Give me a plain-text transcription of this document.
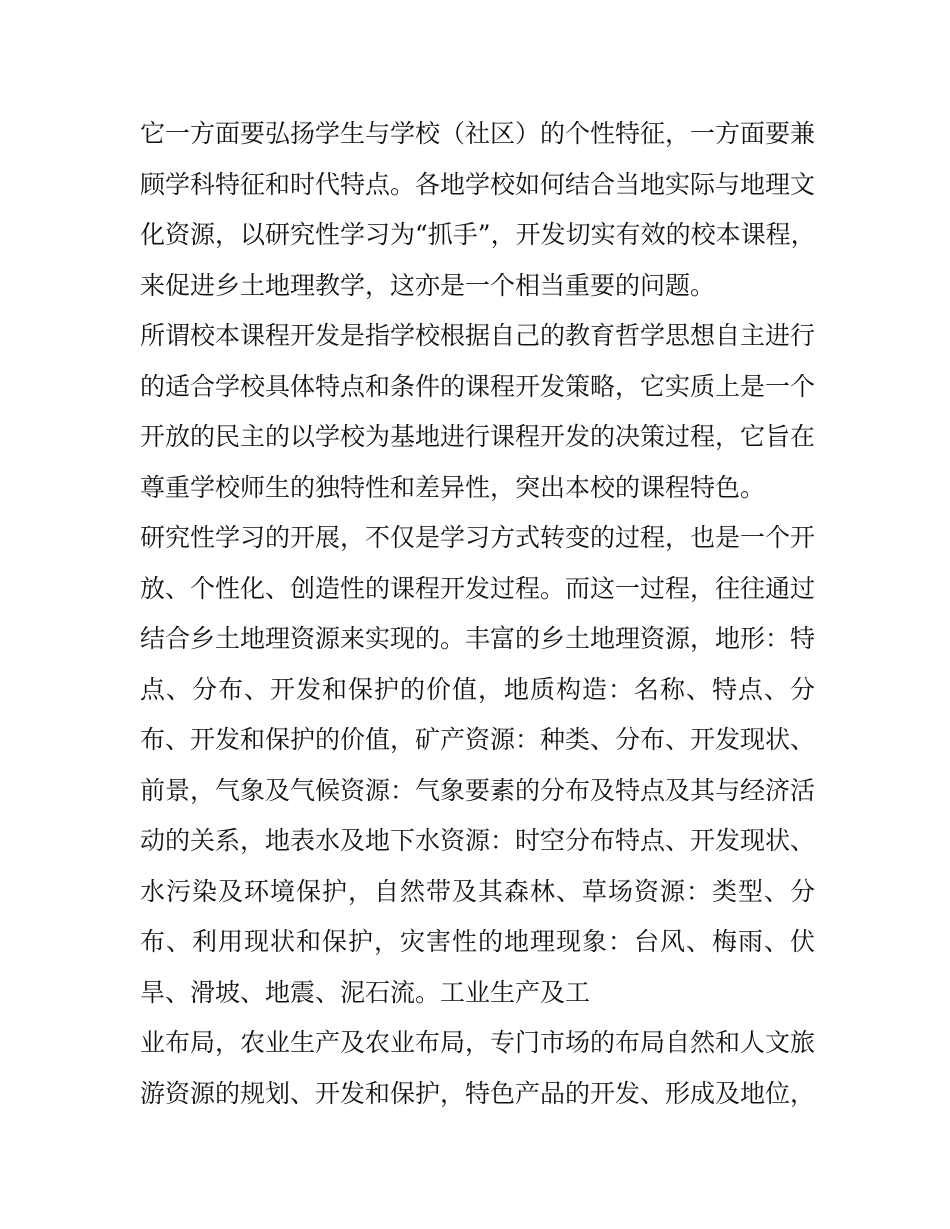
它一方面要弘扬学生与学校（社区）的个性特征，一方面要兼
顾学科特征和时代特点。各地学校如何结合当地实际与地理文
化资源，以研究性学习为“抓手”，开发切实有效的校本课程，
来促进乡土地理教学，这亦是一个相当重要的问题。
所谓校本课程开发是指学校根据自己的教育哲学思想自主进行
的适合学校具体特点和条件的课程开发策略，它实质上是一个
开放的民主的以学校为基地进行课程开发的决策过程，它旨在
尊重学校师生的独特性和差异性，突出本校的课程特色。
研究性学习的开展，不仅是学习方式转变的过程，也是一个开
放、个性化、创造性的课程开发过程。而这一过程，往往通过
结合乡土地理资源来实现的。丰富的乡土地理资源，地形：特
点、分布、开发和保护的价值，地质构造：名称、特点、分
布、开发和保护的价值，矿产资源：种类、分布、开发现状、
前景，气象及气候资源：气象要素的分布及特点及其与经济活
动的关系，地表水及地下水资源：时空分布特点、开发现状、
水污染及环境保护，自然带及其森林、草场资源：类型、分
布、利用现状和保护，灾害性的地理现象：台风、梅雨、伏
旱、滑坡、地震、泥石流。工业生产及工
业布局，农业生产及农业布局，专门市场的布局自然和人文旅
游资源的规划、开发和保护，特色产品的开发、形成及地位，
